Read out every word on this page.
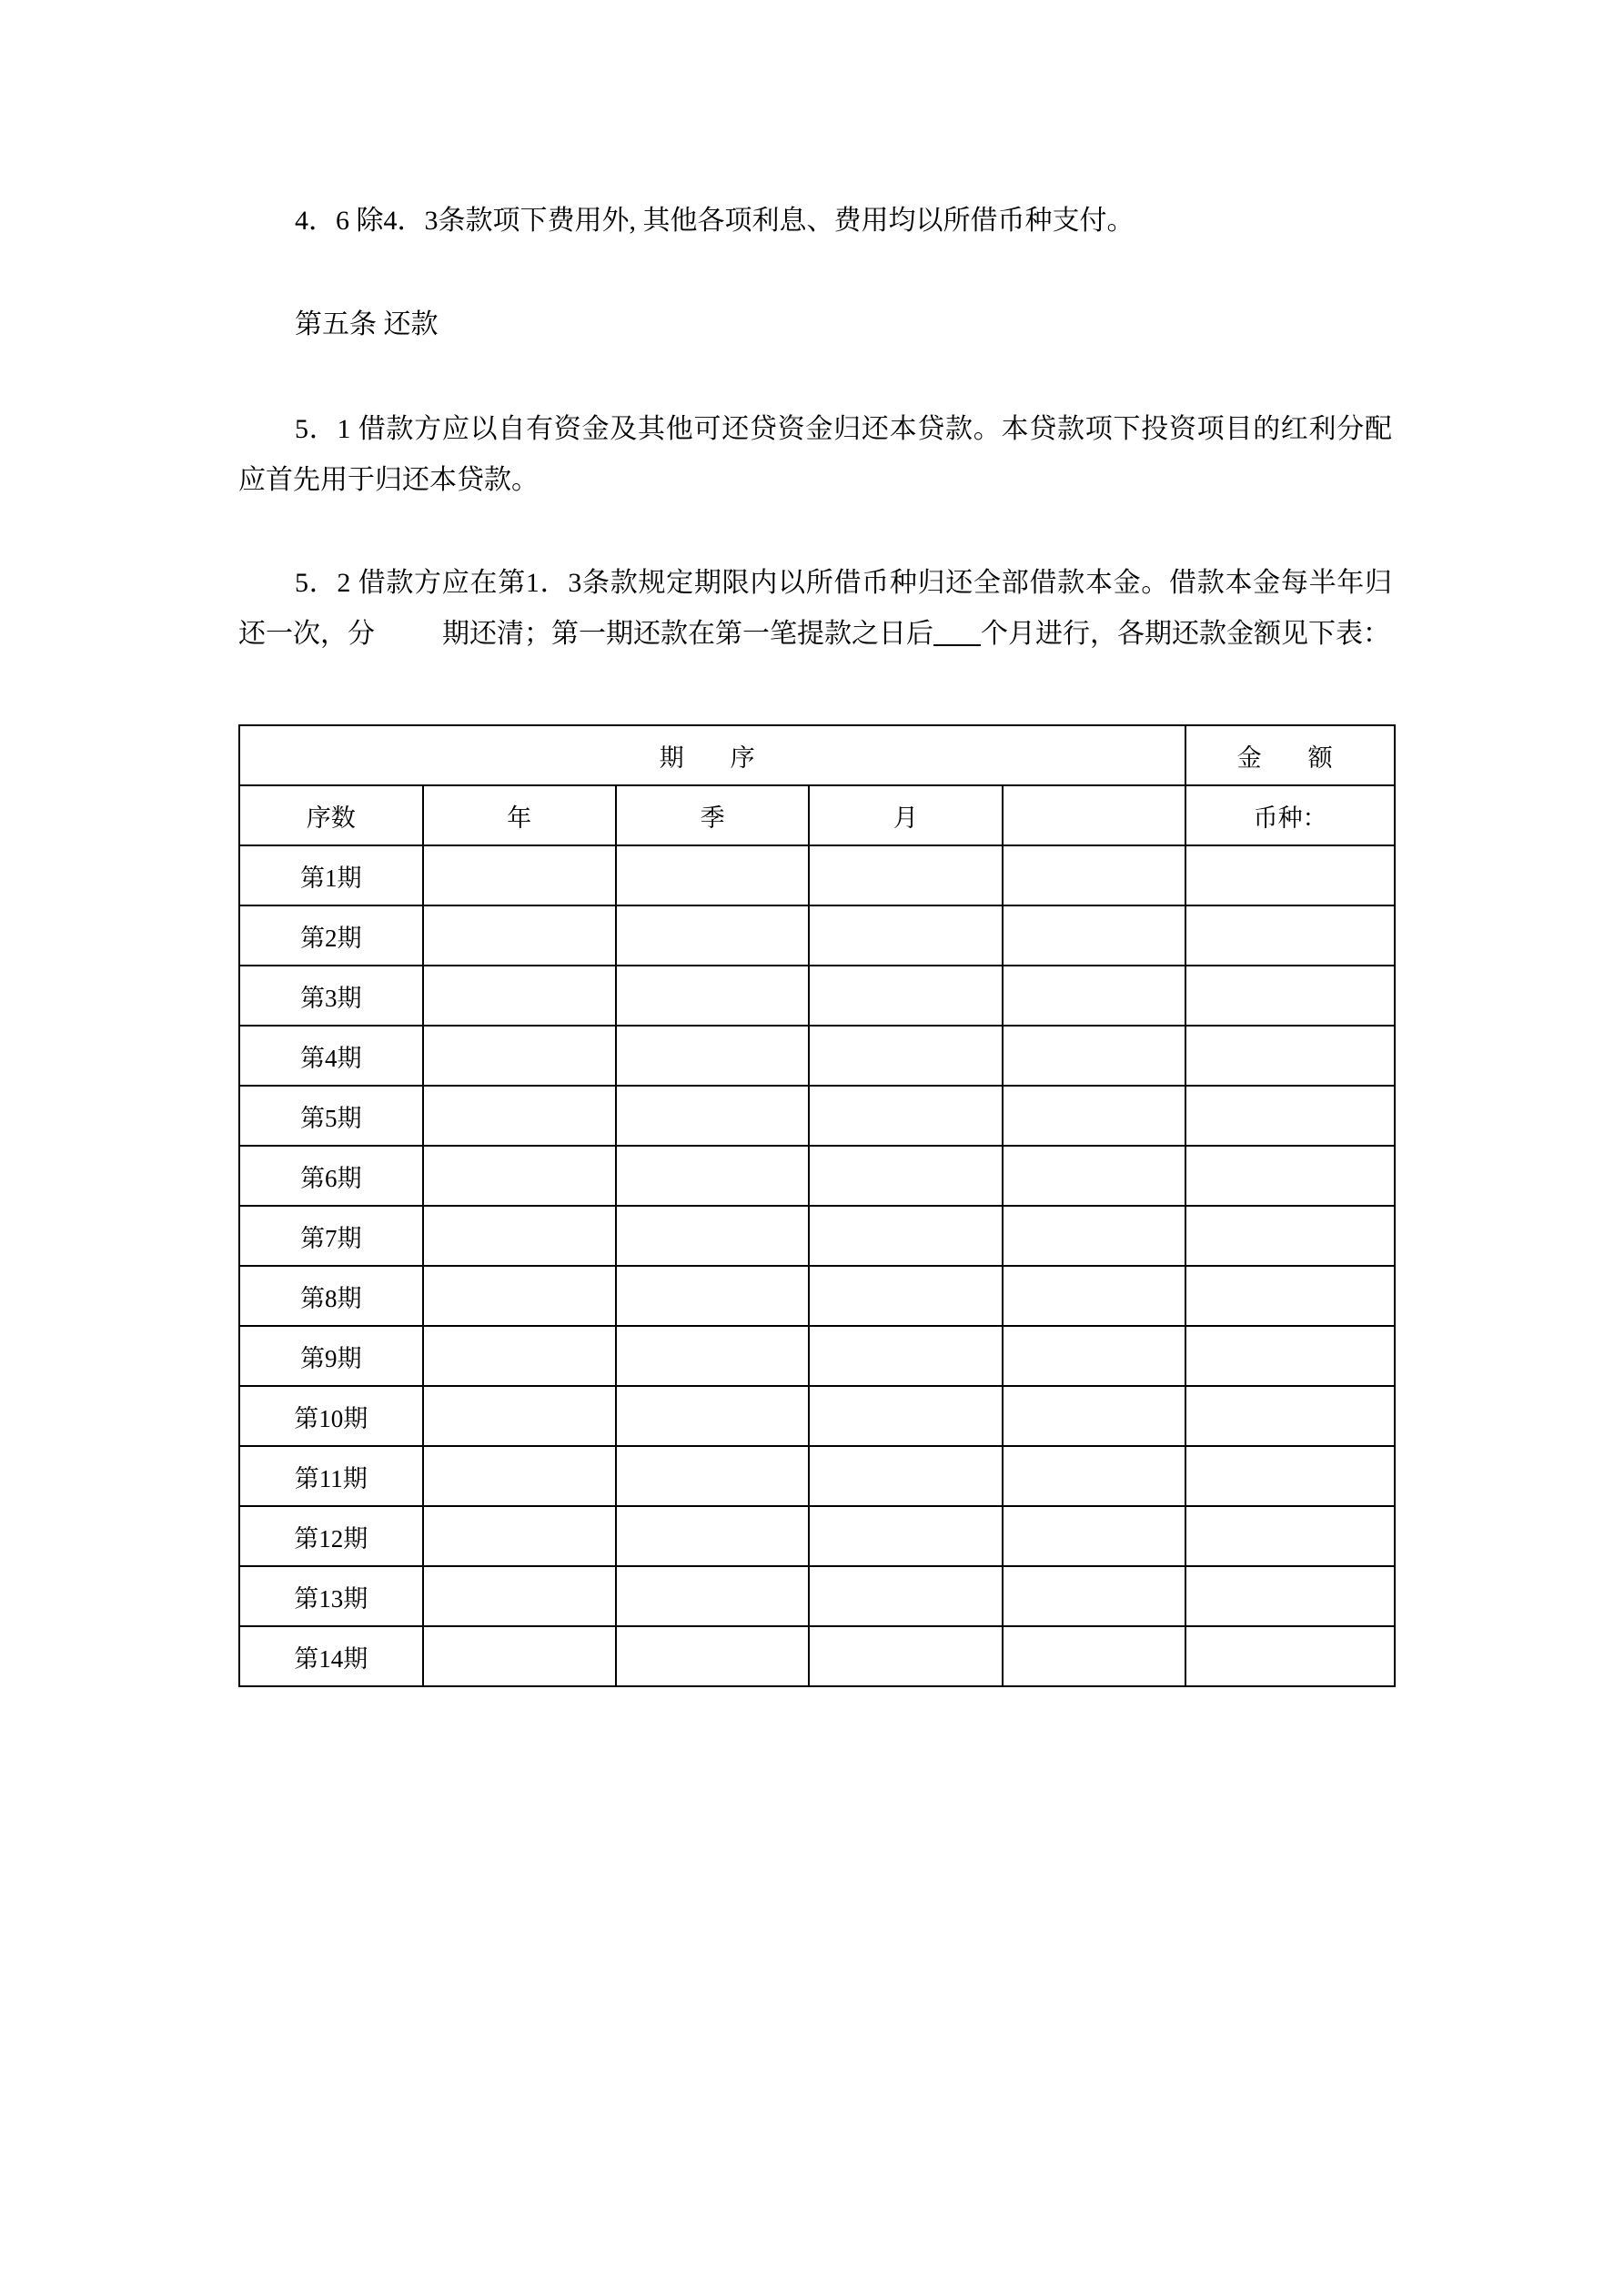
4．6 除4．3条款项下费用外, 其他各项利息、费用均以所借币种支付。

第五条 还款

5．1 借款方应以自有资金及其他可还贷资金归还本贷款。本贷款项下投资项目的红利分配应首先用于归还本贷款。

5．2 借款方应在第1．3条款规定期限内以所借币种归还全部借款本金。借款本金每半年归还一次，分 期还清；第一期还款在第一笔提款之日后 个月进行，各期还款金额见下表：

期　序					金　额
序数	年	季	月		币种：
第1期					
第2期					
第3期					
第4期					
第5期					
第6期					
第7期					
第8期					
第9期					
第10期					
第11期					
第12期					
第13期					
第14期					
